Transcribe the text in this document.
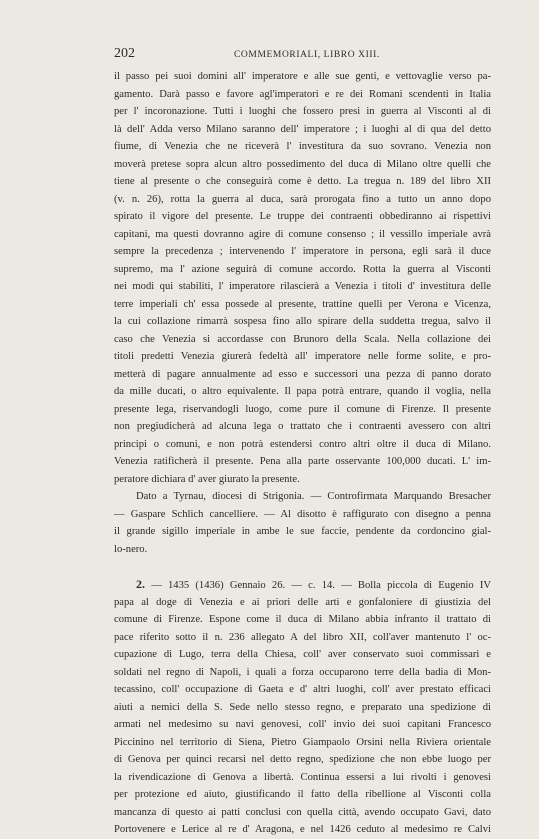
202	COMMEMORIALI, LIBRO XIII.
il passo pei suoi domini all' imperatore e alle sue genti, e vettovaglie verso pa-
gamento. Darà passo e favore agl'imperatori e re dei Romani scendenti in Italia
per l' incoronazione. Tutti i luoghi che fossero presi in guerra al Visconti al di
là dell' Adda verso Milano saranno dell' imperatore ; i luoghi al di qua del detto
fiume, di Venezia che ne riceverà l' investitura da suo sovrano. Venezia non
moverà pretese sopra alcun altro possedimento del duca di Milano oltre quelli che
tiene al presente o che conseguirà come è detto. La tregua n. 189 del libro XII
(v. n. 26), rotta la guerra al duca, sarà prorogata fino a tutto un anno dopo
spirato il vigore del presente. Le truppe dei contraenti obbediranno ai rispettivi
capitani, ma questi dovranno agire di comune consenso ; il vessillo imperiale avrà
sempre la precedenza ; intervenendo l' imperatore in persona, egli sarà il duce
supremo, ma l' azione seguirà di comune accordo. Rotta la guerra al Visconti
nei modi qui stabiliti, l' imperatore rilascierà a Venezia i titoli d' investitura delle
terre imperiali ch' essa possede al presente, trattine quelli per Verona e Vicenza,
la cui collazione rimarrà sospesa fino allo spirare della suddetta tregua, salvo il
caso che Venezia si accordasse con Brunoro della Scala. Nella collazione dei
titoli predetti Venezia giurerà fedeltà all' imperatore nelle forme solite, e pro-
metterà di pagare annualmente ad esso e successori una pezza di panno dorato
da mille ducati, o altro equivalente. Il papa potrà entrare, quando il voglia, nella
presente lega, riservandogli luogo, come pure il comune di Firenze. Il presente
non pregiudicherà ad alcuna lega o trattato che i contraenti avessero con altri
principi o comuni, e non potrà estendersi contro altri oltre il duca di Milano.
Venezia ratificherà il presente. Pena alla parte osservante 100,000 ducati. L' im-
peratore dichiara d' aver giurato la presente.
Dato a Tyrnau, diocesi di Strigonia. — Controfirmata Marquando Bresacher
— Gaspare Schlich cancelliere. — Al disotto è raffigurato con disegno a penna
il grande sigillo imperiale in ambe le sue faccie, pendente da cordoncino gial-
lo-nero.
2. — 1435 (1436) Gennaio 26. — c. 14. — Bolla piccola di Eugenio IV
papa al doge di Venezia e ai priori delle arti e gonfaloniere di giustizia del
comune di Firenze. Espone come il duca di Milano abbia infranto il trattato di
pace riferito sotto il n. 236 allegato A del libro XII, coll'aver mantenuto l' oc-
cupazione di Lugo, terra della Chiesa, coll' aver conservato suoi commissari e
soldati nel regno di Napoli, i quali a forza occuparono terre della badia di Mon-
tecassino, coll' occupazione di Gaeta e d' altri luoghi, coll' aver prestato efficaci
aiuti a nemici della S. Sede nello stesso regno, e preparato una spedizione di
armati nel medesimo su navi genovesi, coll' invio dei suoi capitani Francesco
Piccinino nel territorio di Siena, Pietro Giampaolo Orsini nella Riviera orientale
di Genova per quinci recarsi nel detto regno, spedizione che non ebbe luogo per
la rivendicazione di Genova a libertà. Continua essersi a lui rivolti i genovesi
per protezione ed aiuto, giustificando il fatto della ribellione al Visconti colla
mancanza di questo ai patti conclusi con quella città, avendo occupato Gavi, dato
Portovenere e Lerice al re d' Aragona, e nel 1426 ceduto al medesimo re Calvi
